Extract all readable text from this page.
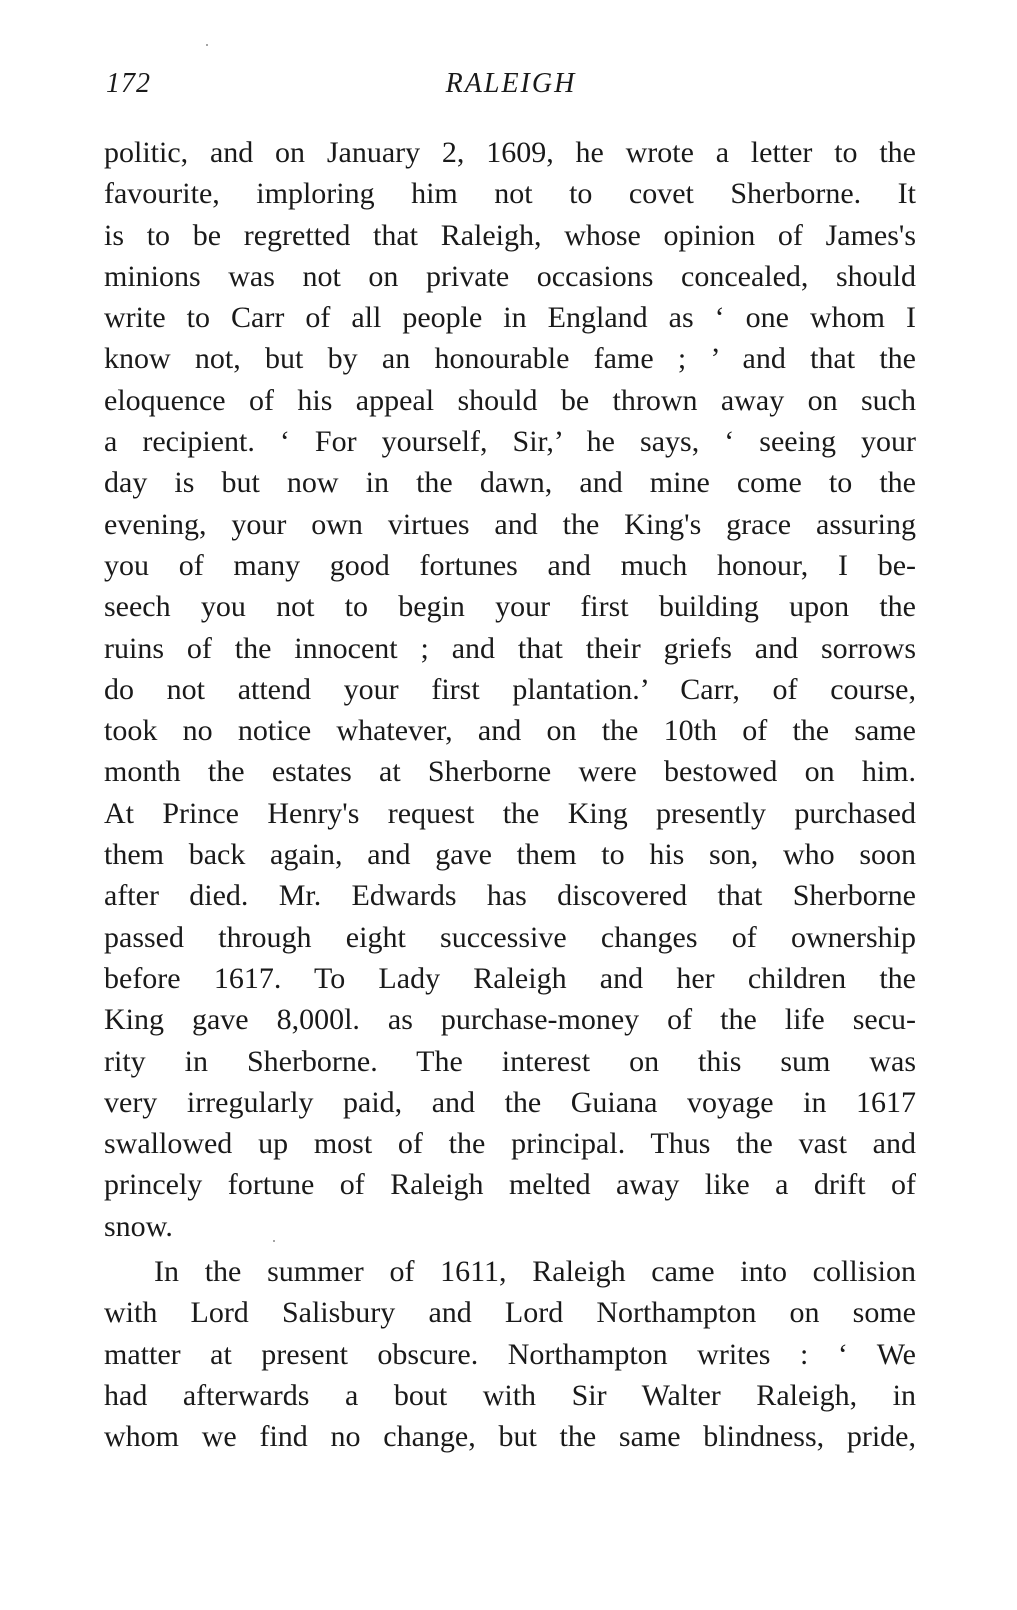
172	RALEIGH
politic, and on January 2, 1609, he wrote a letter to the
favourite, imploring him not to covet Sherborne. It
is to be regretted that Raleigh, whose opinion of James's
minions was not on private occasions concealed, should
write to Carr of all people in England as ‘ one whom I
know not, but by an honourable fame ; ’ and that the
eloquence of his appeal should be thrown away on such
a recipient. ‘ For yourself, Sir,’ he says, ‘ seeing your
day is but now in the dawn, and mine come to the
evening, your own virtues and the King's grace assuring
you of many good fortunes and much honour, I be-
seech you not to begin your first building upon the
ruins of the innocent ; and that their griefs and sorrows
do not attend your first plantation.’ Carr, of course,
took no notice whatever, and on the 10th of the same
month the estates at Sherborne were bestowed on him.
At Prince Henry's request the King presently purchased
them back again, and gave them to his son, who soon
after died. Mr. Edwards has discovered that Sherborne
passed through eight successive changes of ownership
before 1617. To Lady Raleigh and her children the
King gave 8,000l. as purchase-money of the life secu-
rity in Sherborne. The interest on this sum was
very irregularly paid, and the Guiana voyage in 1617
swallowed up most of the principal. Thus the vast and
princely fortune of Raleigh melted away like a drift of
snow.
In the summer of 1611, Raleigh came into collision
with Lord Salisbury and Lord Northampton on some
matter at present obscure. Northampton writes : ‘ We
had afterwards a bout with Sir Walter Raleigh, in
whom we find no change, but the same blindness, pride,
